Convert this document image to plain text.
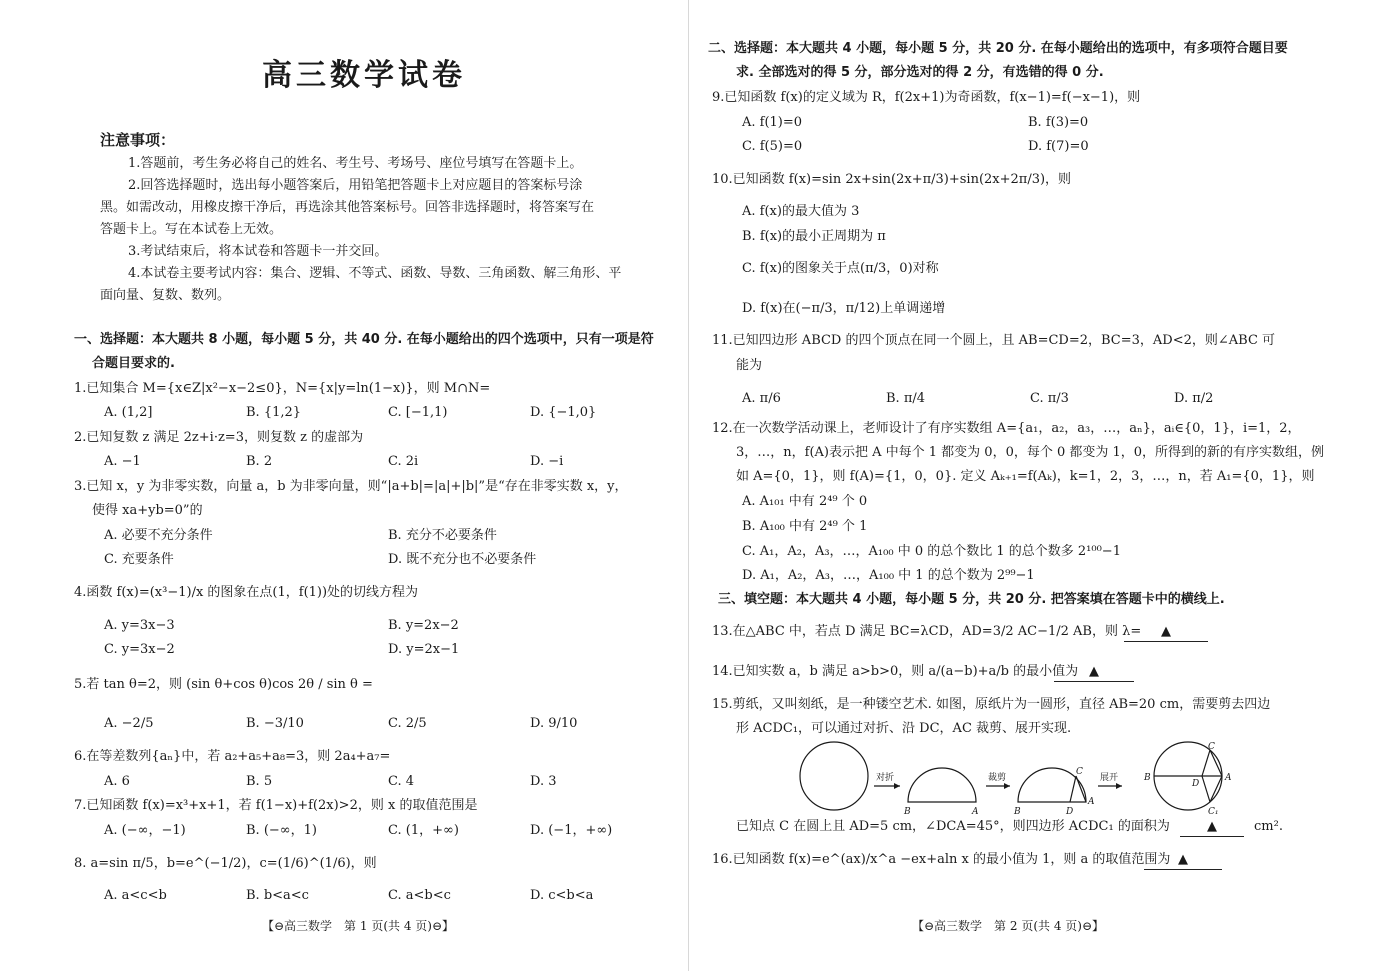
高三数学试卷
注意事项：
1.答题前，考生务必将自己的姓名、考生号、考场号、座位号填写在答题卡上。
2.回答选择题时，选出每小题答案后，用铅笔把答题卡上对应题目的答案标号涂
黑。如需改动，用橡皮擦干净后，再选涂其他答案标号。回答非选择题时，将答案写在
答题卡上。写在本试卷上无效。
3.考试结束后，将本试卷和答题卡一并交回。
4.本试卷主要考试内容：集合、逻辑、不等式、函数、导数、三角函数、解三角形、平
面向量、复数、数列。
一、选择题：本大题共 8 小题，每小题 5 分，共 40 分. 在每小题给出的四个选项中，只有一项是符
合题目要求的.
1.已知集合 M={x∈Z|x²−x−2≤0}，N={x|y=ln(1−x)}，则 M∩N=
A. (1,2]	B. {1,2}	C. [−1,1)	D. {−1,0}
2.已知复数 z 满足 2z+i·z=3，则复数 z 的虚部为
A. −1	B. 2	C. 2i	D. −i
3.已知 x，y 为非零实数，向量 a，b 为非零向量，则“|a+b|=|a|+|b|”是“存在非零实数 x，y，
使得 xa+yb=0”的
A. 必要不充分条件	B. 充分不必要条件
C. 充要条件	D. 既不充分也不必要条件
4.函数 f(x)=(x³−1)/x 的图象在点(1，f(1))处的切线方程为
A. y=3x−3	B. y=2x−2
C. y=3x−2	D. y=2x−1
5.若 tan θ=2，则 (sin θ+cos θ)cos 2θ / sin θ =
A. −2/5	B. −3/10	C. 2/5	D. 9/10
6.在等差数列{aₙ}中，若 a₂+a₅+a₈=3，则 2a₄+a₇=
A. 6	B. 5	C. 4	D. 3
7.已知函数 f(x)=x³+x+1，若 f(1−x)+f(2x)>2，则 x 的取值范围是
A. (−∞，−1)	B. (−∞，1)	C. (1，+∞)	D. (−1，+∞)
8. a=sin π/5，b=e^(−1/2)，c=(1/6)^(1/6)，则
A. a<c<b	B. b<a<c	C. a<b<c	D. c<b<a
【⊖高三数学　第 1 页(共 4 页)⊖】
二、选择题：本大题共 4 小题，每小题 5 分，共 20 分. 在每小题给出的选项中，有多项符合题目要
求. 全部选对的得 5 分，部分选对的得 2 分，有选错的得 0 分.
9.已知函数 f(x)的定义域为 R，f(2x+1)为奇函数，f(x−1)=f(−x−1)，则
A. f(1)=0	B. f(3)=0
C. f(5)=0	D. f(7)=0
10.已知函数 f(x)=sin 2x+sin(2x+π/3)+sin(2x+2π/3)，则
A. f(x)的最大值为 3
B. f(x)的最小正周期为 π
C. f(x)的图象关于点(π/3，0)对称
D. f(x)在(−π/3，π/12)上单调递增
11.已知四边形 ABCD 的四个顶点在同一个圆上，且 AB=CD=2，BC=3，AD<2，则∠ABC 可
能为
A. π/6	B. π/4	C. π/3	D. π/2
12.在一次数学活动课上，老师设计了有序实数组 A={a₁，a₂，a₃，…，aₙ}，aᵢ∈{0，1}，i=1，2，
3，…，n，f(A)表示把 A 中每个 1 都变为 0，0，每个 0 都变为 1，0，所得到的新的有序实数组，例
如 A={0，1}，则 f(A)={1，0，0}. 定义 Aₖ₊₁=f(Aₖ)，k=1，2，3，…，n，若 A₁={0，1}，则
A. A₁₀₁ 中有 2⁴⁹ 个 0
B. A₁₀₀ 中有 2⁴⁹ 个 1
C. A₁，A₂，A₃，…，A₁₀₀ 中 0 的总个数比 1 的总个数多 2¹⁰⁰−1
D. A₁，A₂，A₃，…，A₁₀₀ 中 1 的总个数为 2⁹⁹−1
三、填空题：本大题共 4 小题，每小题 5 分，共 20 分. 把答案填在答题卡中的横线上.
13.在△ABC 中，若点 D 满足 BC=λCD，AD=3/2 AC−1/2 AB，则 λ=	▲
14.已知实数 a，b 满足 a>b>0，则 a/(a−b)+a/b 的最小值为 ▲
15.剪纸，又叫刻纸，是一种镂空艺术. 如图，原纸片为一圆形，直径 AB=20 cm，需要剪去四边
形 ACDC₁，可以通过对折、沿 DC，AC 裁剪、展开实现.
对折	裁剪	展开
B	A	B	D
A
C
B
C
D
A
C₁
已知点 C 在圆上且 AD=5 cm，∠DCA=45°，则四边形 ACDC₁ 的面积为	▲	cm².
16.已知函数 f(x)=e^(ax)/x^a −ex+aln x 的最小值为 1，则 a 的取值范围为 ▲
【⊖高三数学　第 2 页(共 4 页)⊖】
